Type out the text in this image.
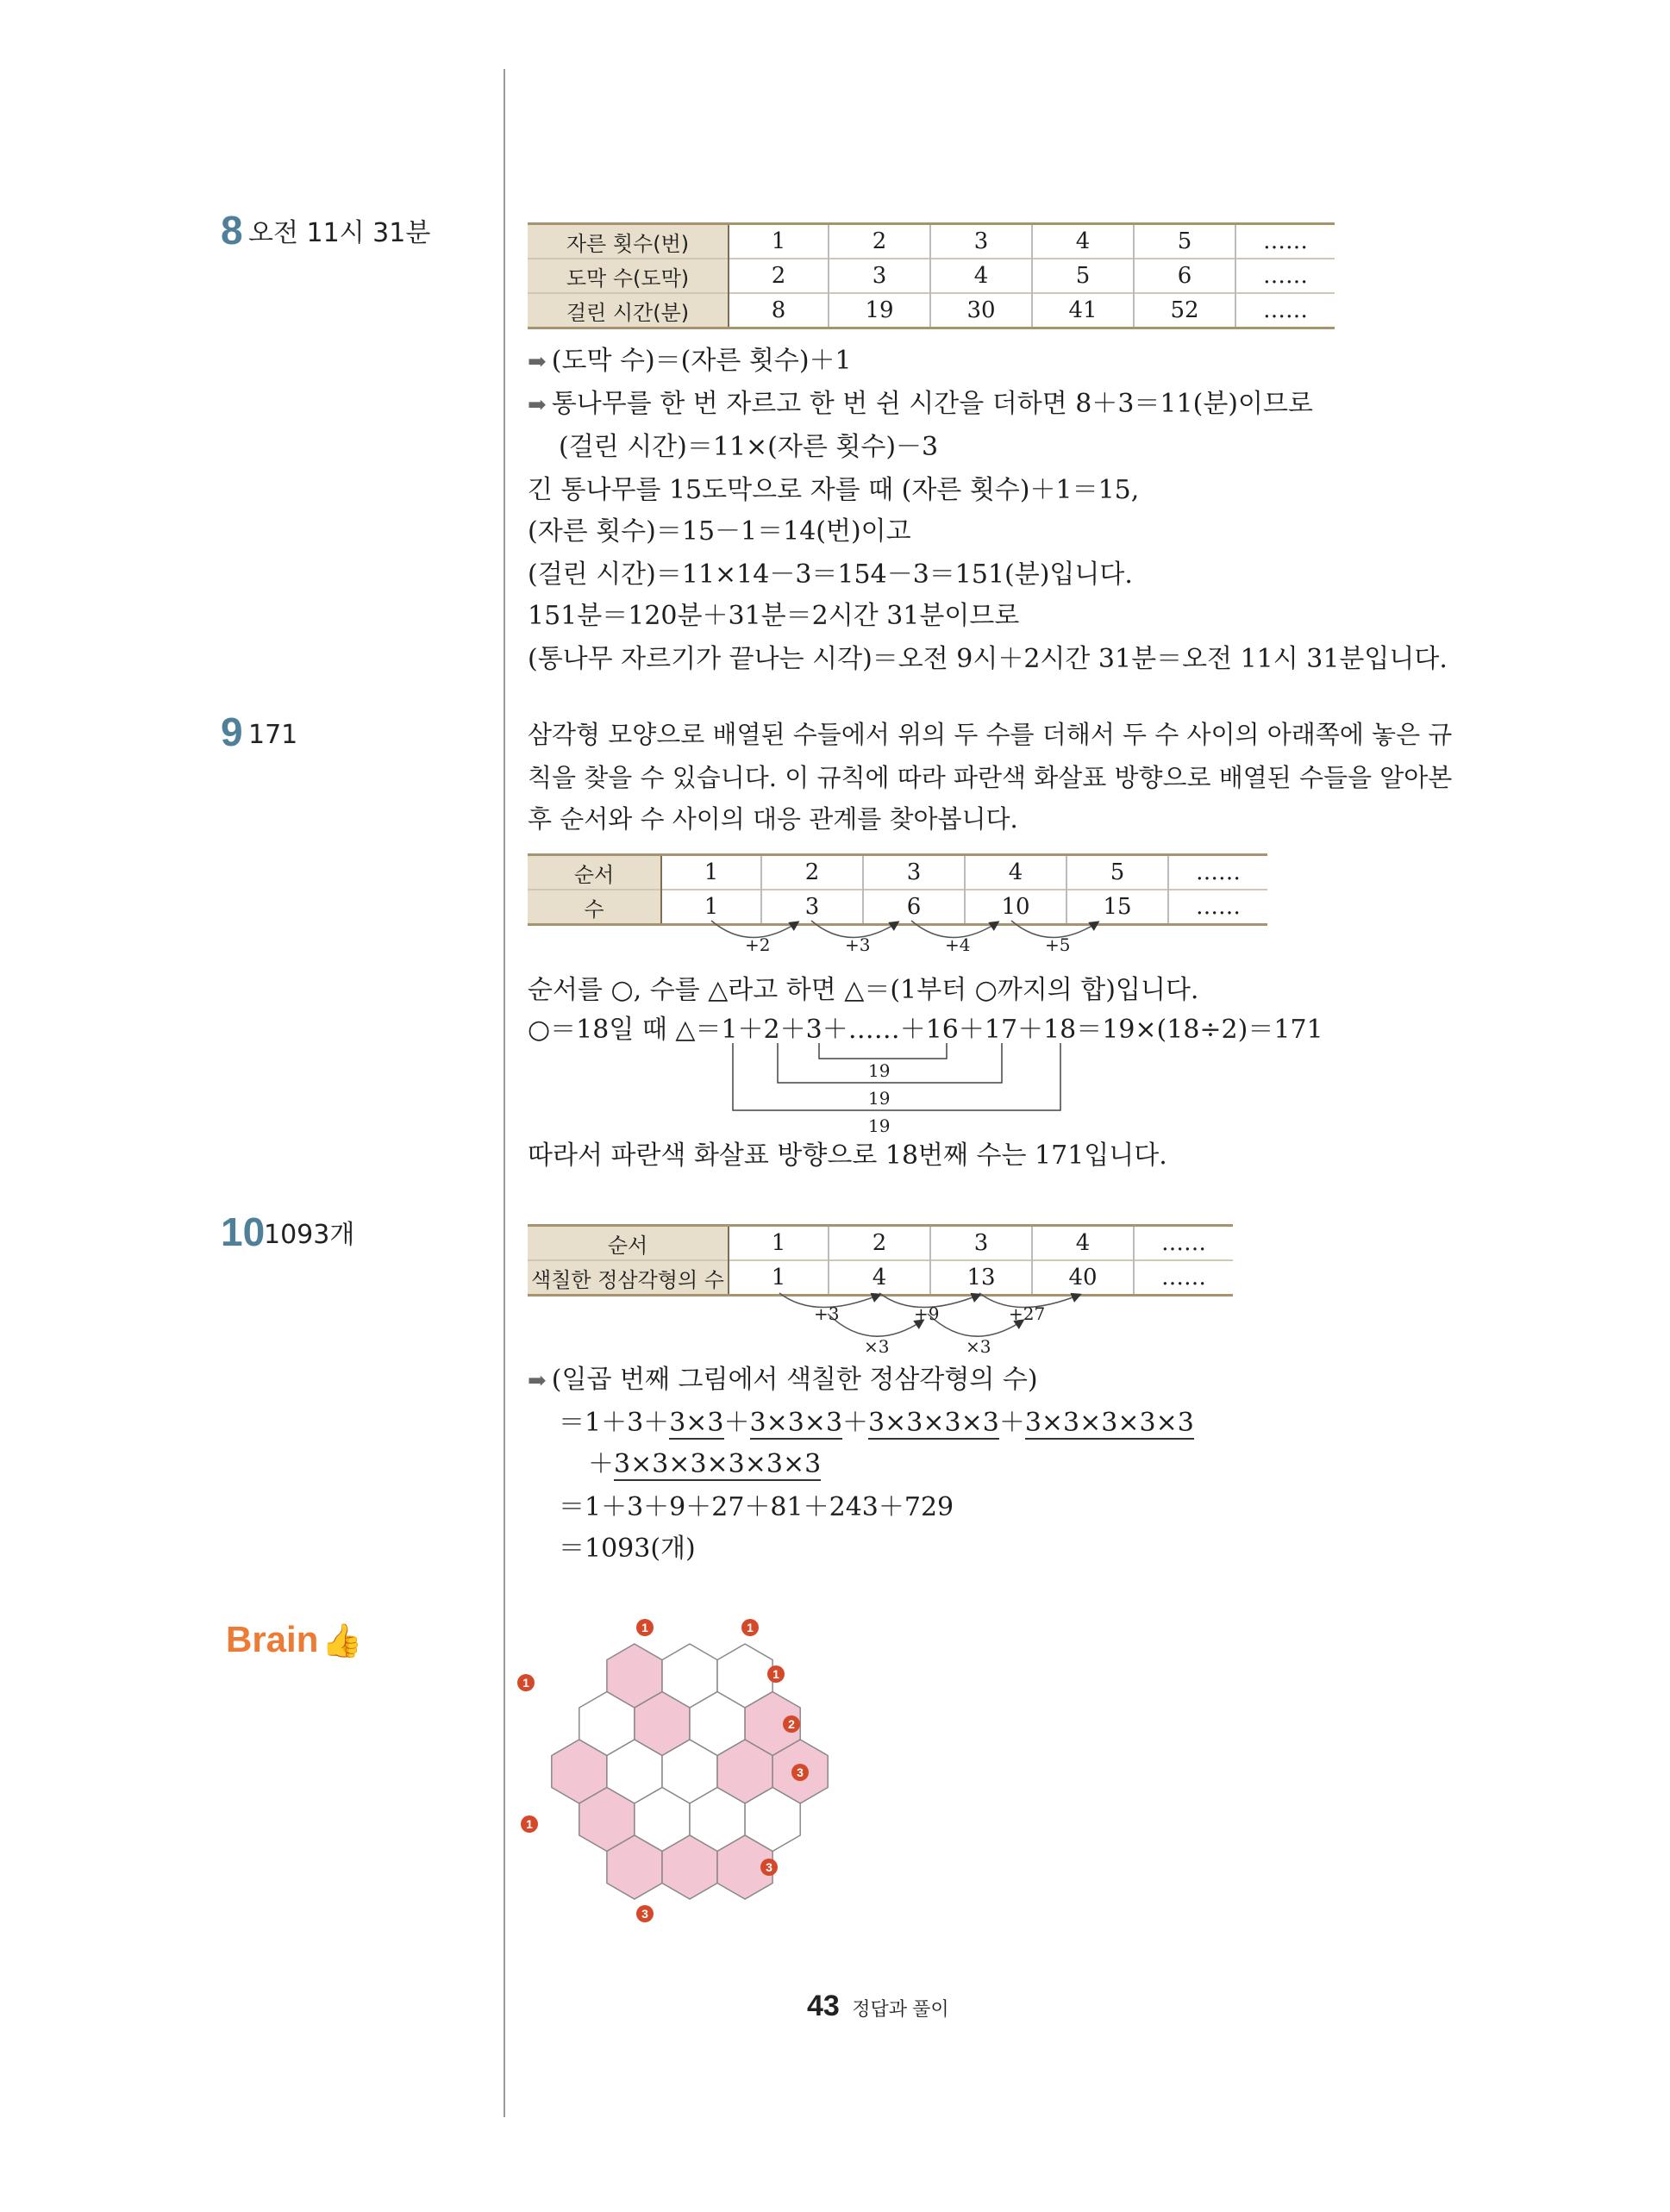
8 오전 11시 31분	자른 횟수(번)	1	2	3	4	5	……
도막 수(도막)	2	3	4	5	6	……
걸린 시간(분)	8	19	30	41	52	……
➡ (도막 수)＝(자른 횟수)＋1
➡ 통나무를 한 번 자르고 한 번 쉰 시간을 더하면 8＋3＝11(분)이므로
(걸린 시간)＝11×(자른 횟수)－3
긴 통나무를 15도막으로 자를 때 (자른 횟수)＋1＝15,
(자른 횟수)＝15－1＝14(번)이고
(걸린 시간)＝11×14－3＝154－3＝151(분)입니다.
151분＝120분＋31분＝2시간 31분이므로
(통나무 자르기가 끝나는 시각)＝오전 9시＋2시간 31분＝오전 11시 31분입니다.
9 171	삼각형 모양으로 배열된 수들에서 위의 두 수를 더해서 두 수 사이의 아래쪽에 놓은 규
칙을 찾을 수 있습니다. 이 규칙에 따라 파란색 화살표 방향으로 배열된 수들을 알아본
후 순서와 수 사이의 대응 관계를 찾아봅니다.
순서	1	2	3	4	5	……
수	1	3	6	10	15	……
+2	+3	+4	+5
순서를 ○, 수를 △라고 하면 △＝(1부터 ○까지의 합)입니다.
○＝18일 때 △＝1＋2＋3＋……＋16＋17＋18＝19×(18÷2)＝171
19
19
19
따라서 파란색 화살표 방향으로 18번째 수는 171입니다.
10
1093개	순서	1	2	3	4	……
색칠한 정삼각형의 수	1	4	13	40	……
+3	+9	+27
×3	×3
➡ (일곱 번째 그림에서 색칠한 정삼각형의 수)
＝1＋3＋3×3＋3×3×3＋3×3×3×3＋3×3×3×3×3
＋3×3×3×3×3×3
＝1＋3＋9＋27＋81＋243＋729
＝1093(개)
Brain 👍	1	1
1
1
2
3
1
3
3
43 정답과 풀이
